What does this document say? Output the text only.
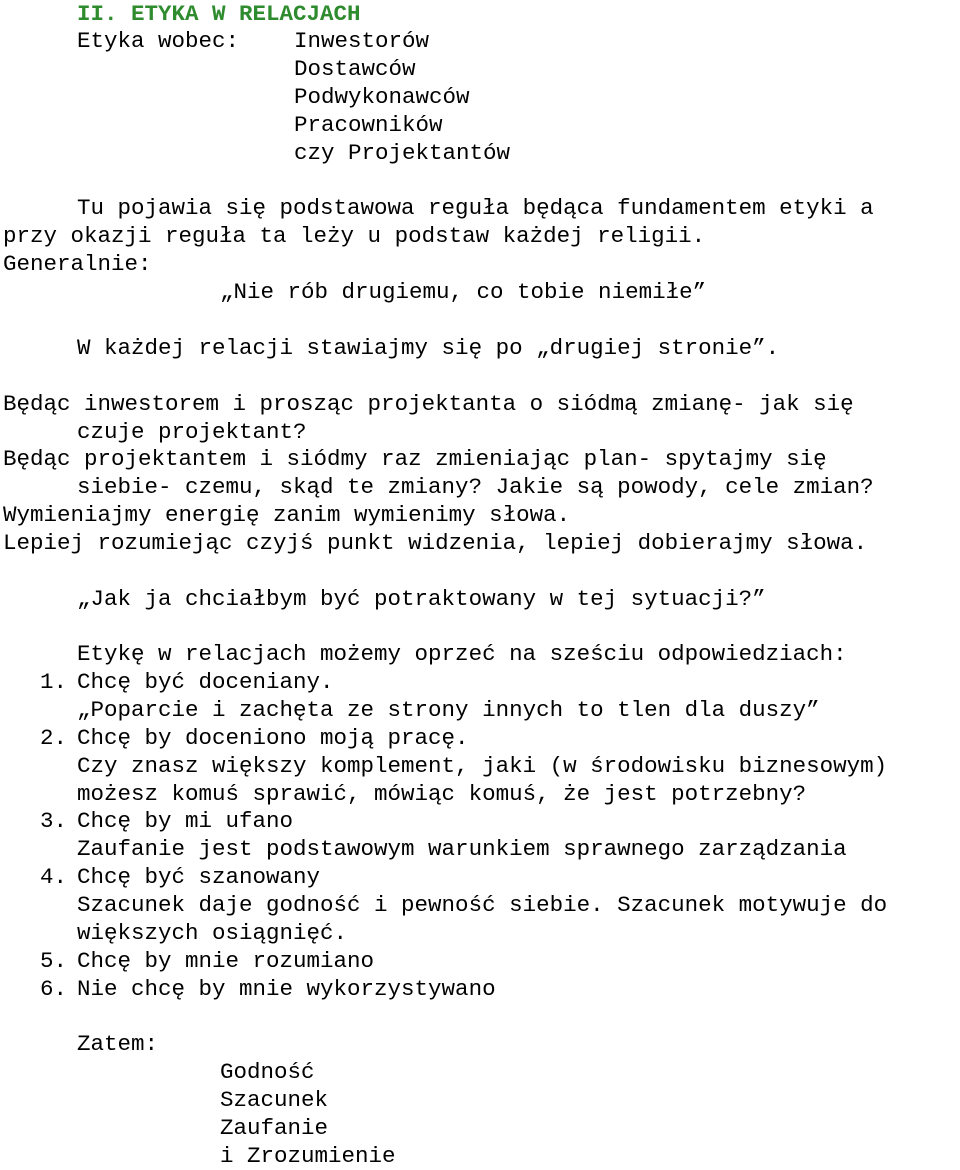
II. ETYKA W RELACJACH
Etyka wobec: Inwestorów
Dostawców
Podwykonawców
Pracowników
czy Projektantów
Tu pojawia się podstawowa reguła będąca fundamentem etyki a
przy okazji reguła ta leży u podstaw każdej religii.
Generalnie:
„Nie rób drugiemu, co tobie niemiłe”
W każdej relacji stawiajmy się po „drugiej stronie”.
Będąc inwestorem i prosząc projektanta o siódmą zmianę- jak się
czuje projektant?
Będąc projektantem i siódmy raz zmieniając plan- spytajmy się
siebie- czemu, skąd te zmiany? Jakie są powody, cele zmian?
Wymieniajmy energię zanim wymienimy słowa.
Lepiej rozumiejąc czyjś punkt widzenia, lepiej dobierajmy słowa.
„Jak ja chciałbym być potraktowany w tej sytuacji?”
Etykę w relacjach możemy oprzeć na sześciu odpowiedziach:
1. Chcę być doceniany.
„Poparcie i zachęta ze strony innych to tlen dla duszy”
2. Chcę by doceniono moją pracę.
Czy znasz większy komplement, jaki (w środowisku biznesowym)
możesz komuś sprawić, mówiąc komuś, że jest potrzebny?
3. Chcę by mi ufano
Zaufanie jest podstawowym warunkiem sprawnego zarządzania
4. Chcę być szanowany
Szacunek daje godność i pewność siebie. Szacunek motywuje do
większych osiągnięć.
5. Chcę by mnie rozumiano
6. Nie chcę by mnie wykorzystywano
Zatem:
Godność
Szacunek
Zaufanie
i Zrozumienie
